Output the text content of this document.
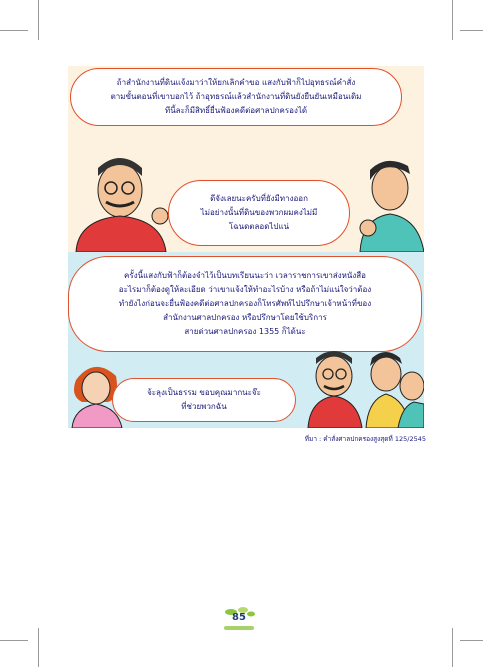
ถ้าสำนักงานที่ดินแจ้งมาว่าให้ยกเลิกคำขอ แสงกับฟ้าก็ไปอุทธรณ์คำสั่ง
ตามขั้นตอนที่เขาบอกไว้ ถ้าอุทธรณ์แล้วสำนักงานที่ดินยังยืนยันเหมือนเดิม
ทีนี้ละก็มีสิทธิ์ยื่นฟ้องคดีต่อศาลปกครองได้
ดีจังเลยนะครับที่ยังมีทางออก
ไม่อย่างนั้นที่ดินของพวกผมคงไม่มี
โฉนดตลอดไปแน่
ครั้งนี้แสงกับฟ้าก็ต้องจำไว้เป็นบทเรียนนะว่า เวลาราชการเขาส่งหนังสือ
อะไรมาก็ต้องดูให้ละเอียด ว่าเขาแจ้งให้ทำอะไรบ้าง หรือถ้าไม่แน่ใจว่าต้อง
ทำยังไงก่อนจะยื่นฟ้องคดีต่อศาลปกครองก็โทรศัพท์ไปปรึกษาเจ้าหน้าที่ของ
สำนักงานศาลปกครอง หรือปรึกษาโดยใช้บริการ
สายด่วนศาลปกครอง 1355 ก็ได้นะ
จ้ะลุงเป็นธรรม ขอบคุณมากนะจ๊ะ
ที่ช่วยพวกฉัน
ที่มา : คำสั่งศาลปกครองสูงสุดที่ 125/2545
85
